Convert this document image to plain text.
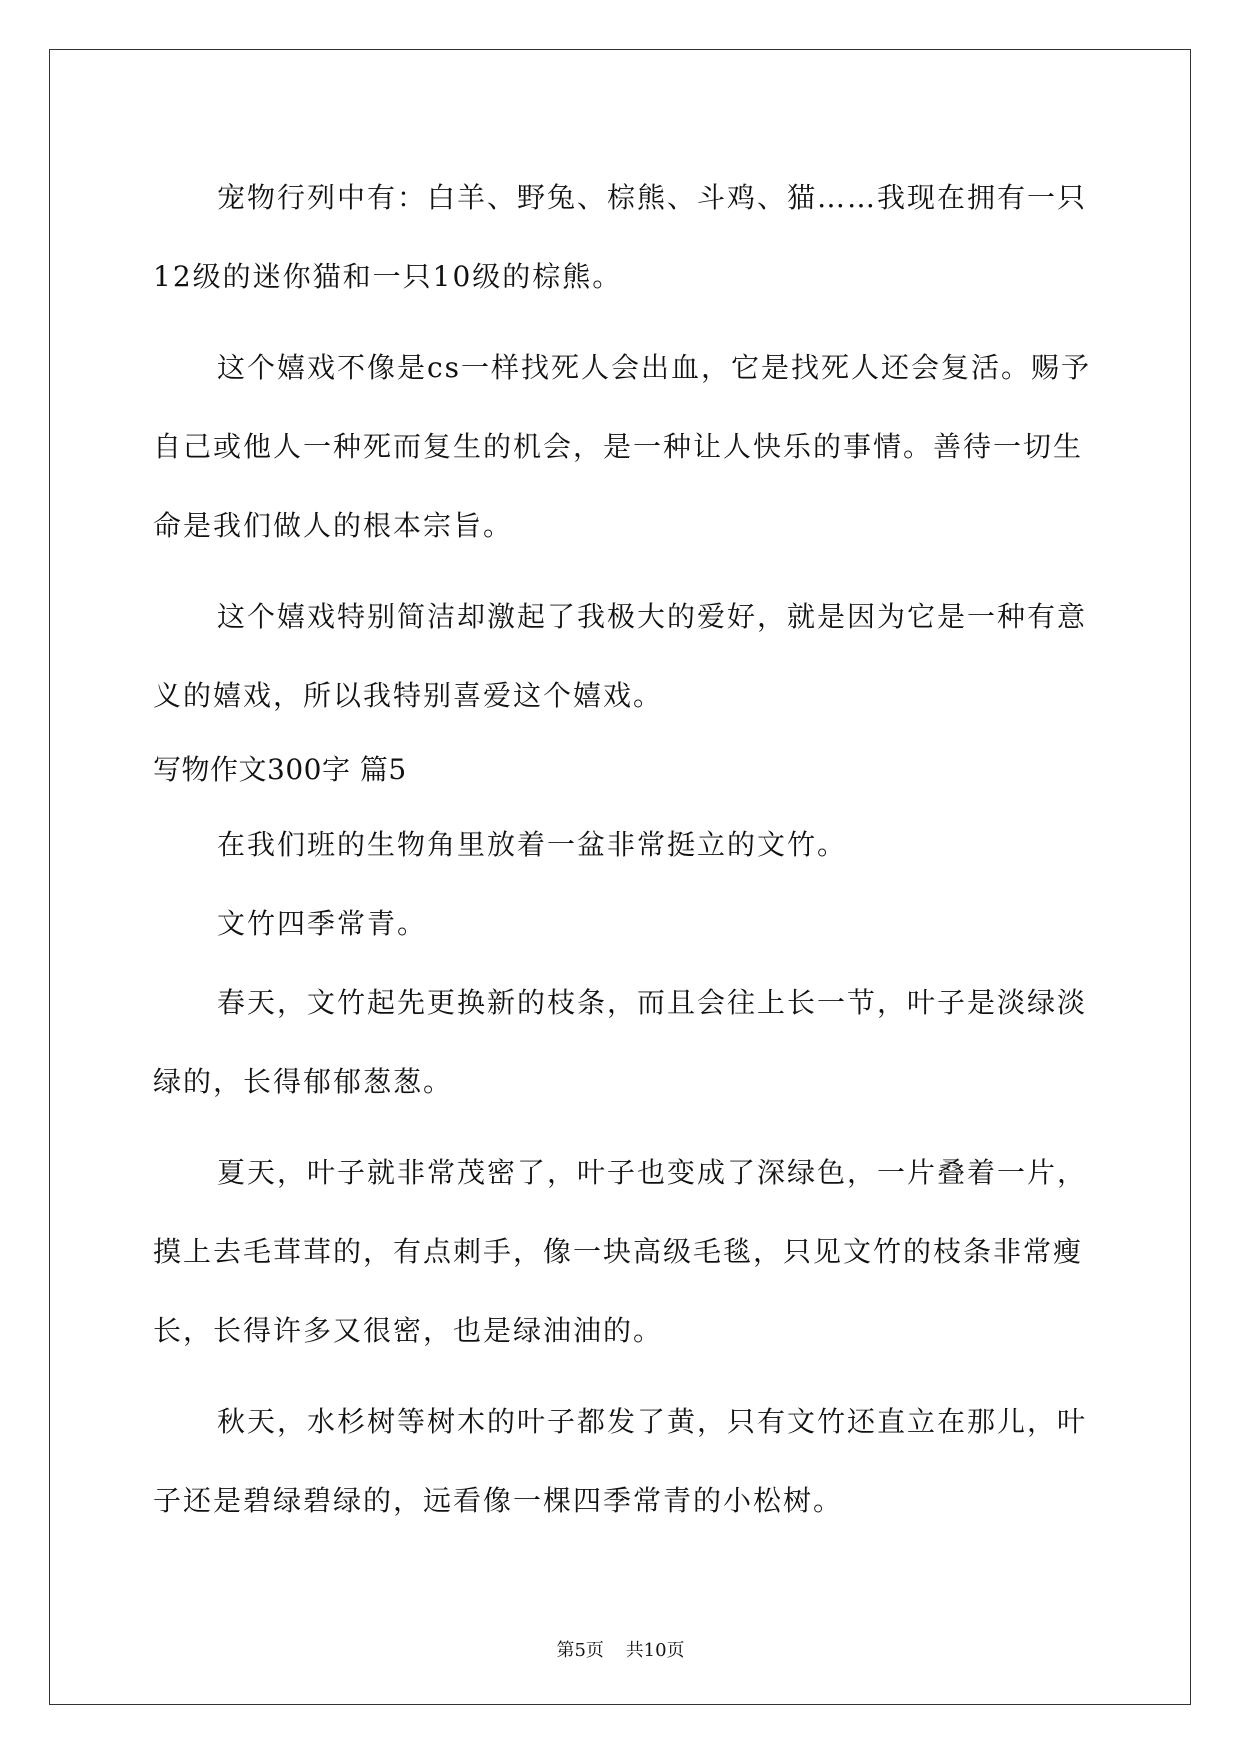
宠物行列中有：白羊、野兔、棕熊、斗鸡、猫……我现在拥有一只12级的迷你猫和一只10级的棕熊。

这个嬉戏不像是cs一样找死人会出血，它是找死人还会复活。赐予自己或他人一种死而复生的机会，是一种让人快乐的事情。善待一切生命是我们做人的根本宗旨。

这个嬉戏特别简洁却激起了我极大的爱好，就是因为它是一种有意义的嬉戏，所以我特别喜爱这个嬉戏。

写物作文300字 篇5

在我们班的生物角里放着一盆非常挺立的文竹。

文竹四季常青。

春天，文竹起先更换新的枝条，而且会往上长一节，叶子是淡绿淡绿的，长得郁郁葱葱。

夏天，叶子就非常茂密了，叶子也变成了深绿色，一片叠着一片，摸上去毛茸茸的，有点刺手，像一块高级毛毯，只见文竹的枝条非常瘦长，长得许多又很密，也是绿油油的。

秋天，水杉树等树木的叶子都发了黄，只有文竹还直立在那儿，叶子还是碧绿碧绿的，远看像一棵四季常青的小松树。

第5页 共10页
